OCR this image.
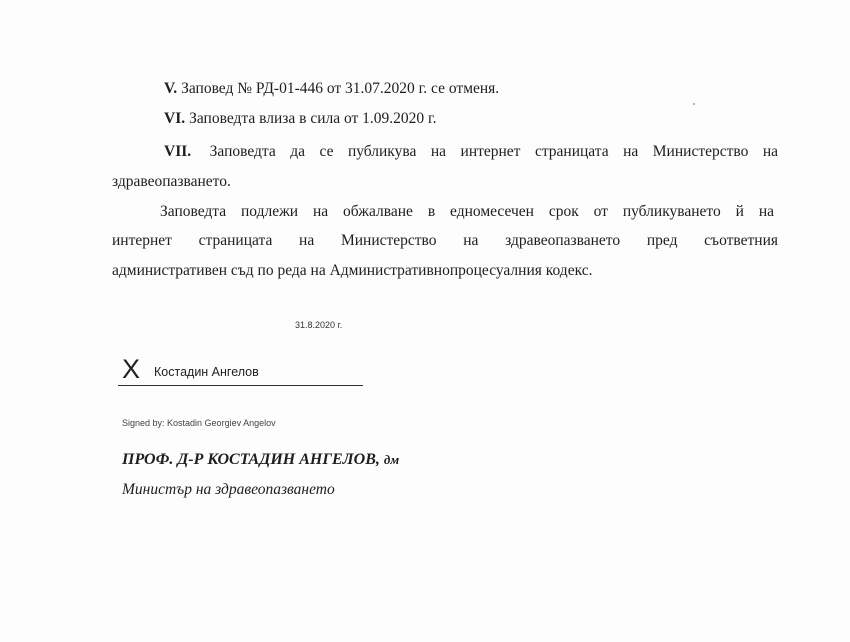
V. Заповед № РД-01-446 от 31.07.2020 г. се отменя.
VI. Заповедта влиза в сила от 1.09.2020 г.
VII. Заповедта да се публикува на интернет страницата на Министерство на
здравеопазването.
Заповедта подлежи на обжалване в едномесечен срок от публикуването й на
интернет страницата на Министерство на здравеопазването пред съответния
административен съд по реда на Административнопроцесуалния кодекс.
31.8.2020 г.
X Костадин Ангелов
Signed by: Kostadin Georgiev Angelov
ПРОФ. Д-Р КОСТАДИН АНГЕЛОВ, дм
Министър на здравеопазването
